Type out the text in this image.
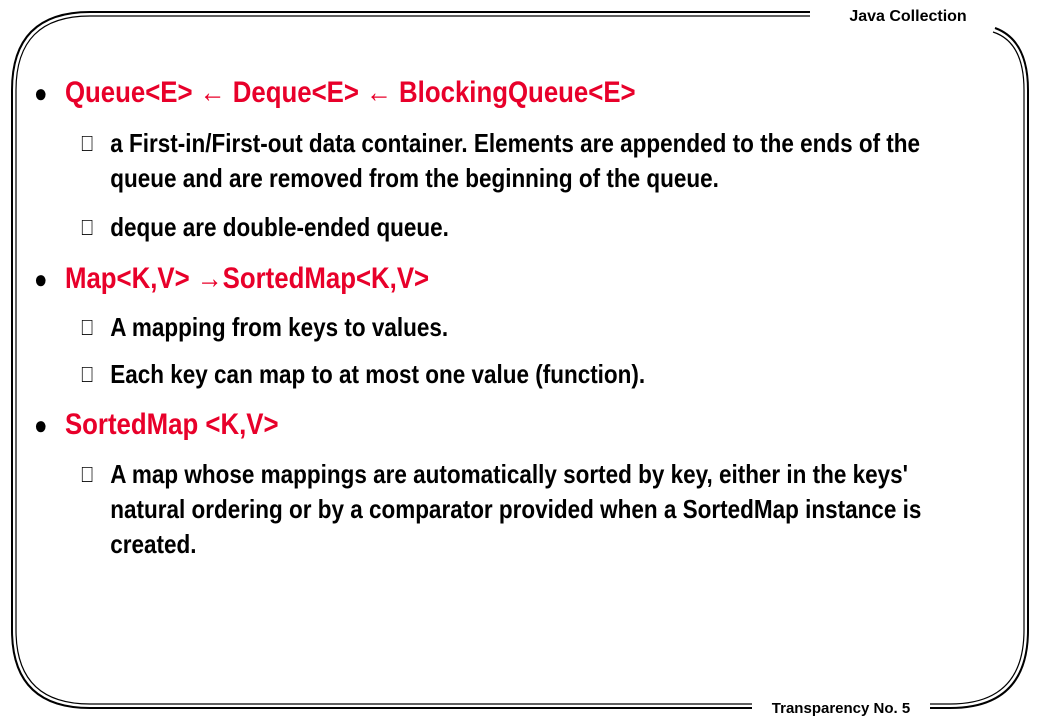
Java Collection
Transparency No. 5
● Queue<E> ← Deque<E> ← BlockingQueue<E>
a First-in/First-out data container. Elements are appended to the ends of the queue and are removed from the beginning of the queue.
deque are double-ended queue.
● Map<K,V> →SortedMap<K,V>
A mapping from keys to values.
Each key can map to at most one value (function).
● SortedMap <K,V>
A map whose mappings are automatically sorted by key, either in the keys' natural ordering or by a comparator provided when a SortedMap instance is created.
